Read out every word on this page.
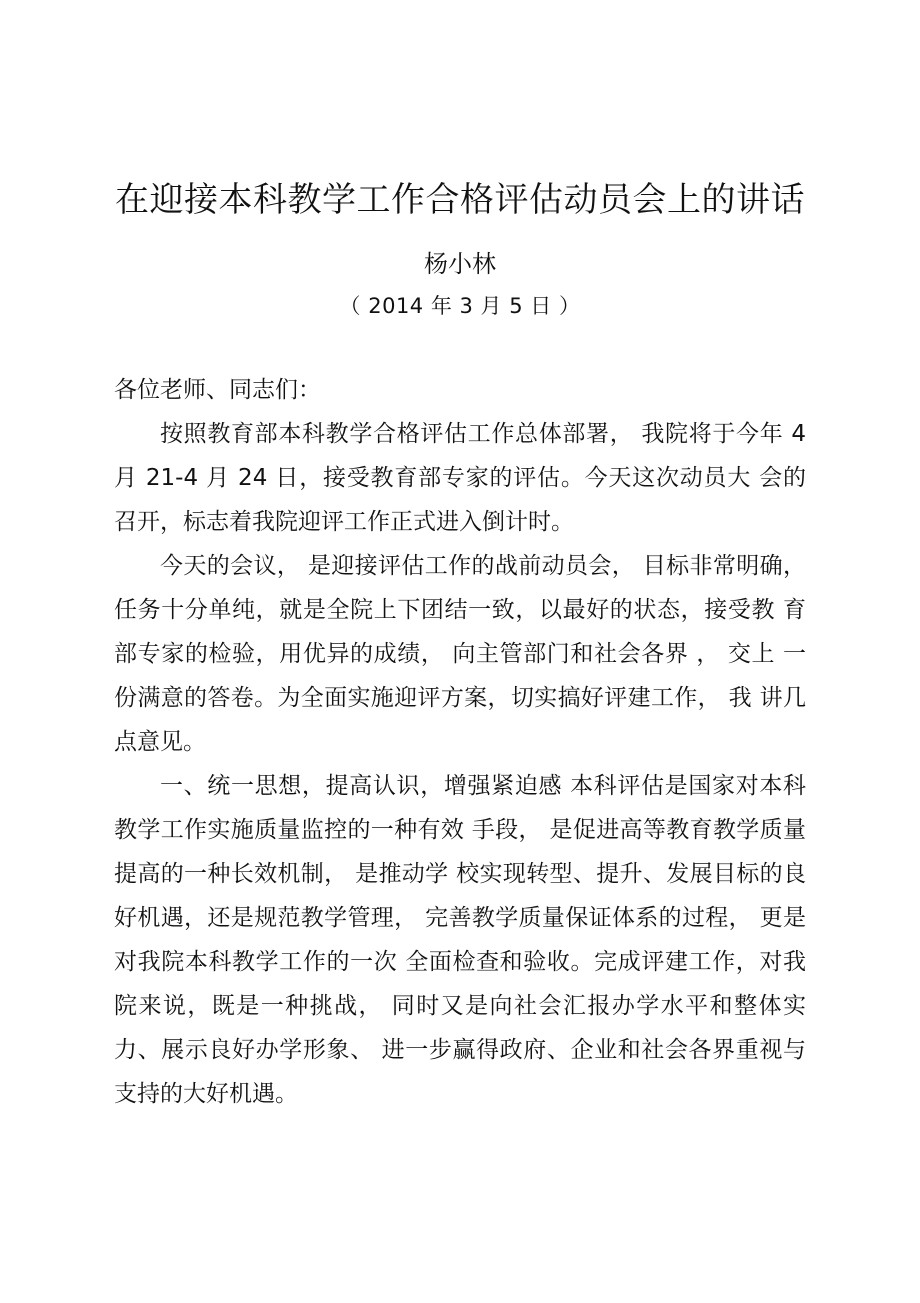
在迎接本科教学工作合格评估动员会上的讲话
杨小林
（ 2014 年 3 月 5 日 ）
各位老师、同志们：

按照教育部本科教学合格评估工作总体部署， 我院将于今年 4 月 21-4 月 24 日，接受教育部专家的评估。今天这次动员大 会的召开，标志着我院迎评工作正式进入倒计时。

今天的会议， 是迎接评估工作的战前动员会， 目标非常明确， 任务十分单纯，就是全院上下团结一致，以最好的状态，接受教 育部专家的检验，用优异的成绩， 向主管部门和社会各界 ， 交上 一份满意的答卷。为全面实施迎评方案，切实搞好评建工作， 我 讲几点意见。

一、统一思想，提高认识，增强紧迫感 本科评估是国家对本科教学工作实施质量监控的一种有效 手段， 是促进高等教育教学质量提高的一种长效机制， 是推动学 校实现转型、提升、发展目标的良好机遇，还是规范教学管理， 完善教学质量保证体系的过程， 更是对我院本科教学工作的一次 全面检查和验收。完成评建工作，对我院来说，既是一种挑战， 同时又是向社会汇报办学水平和整体实力、展示良好办学形象、 进一步赢得政府、企业和社会各界重视与支持的大好机遇。
